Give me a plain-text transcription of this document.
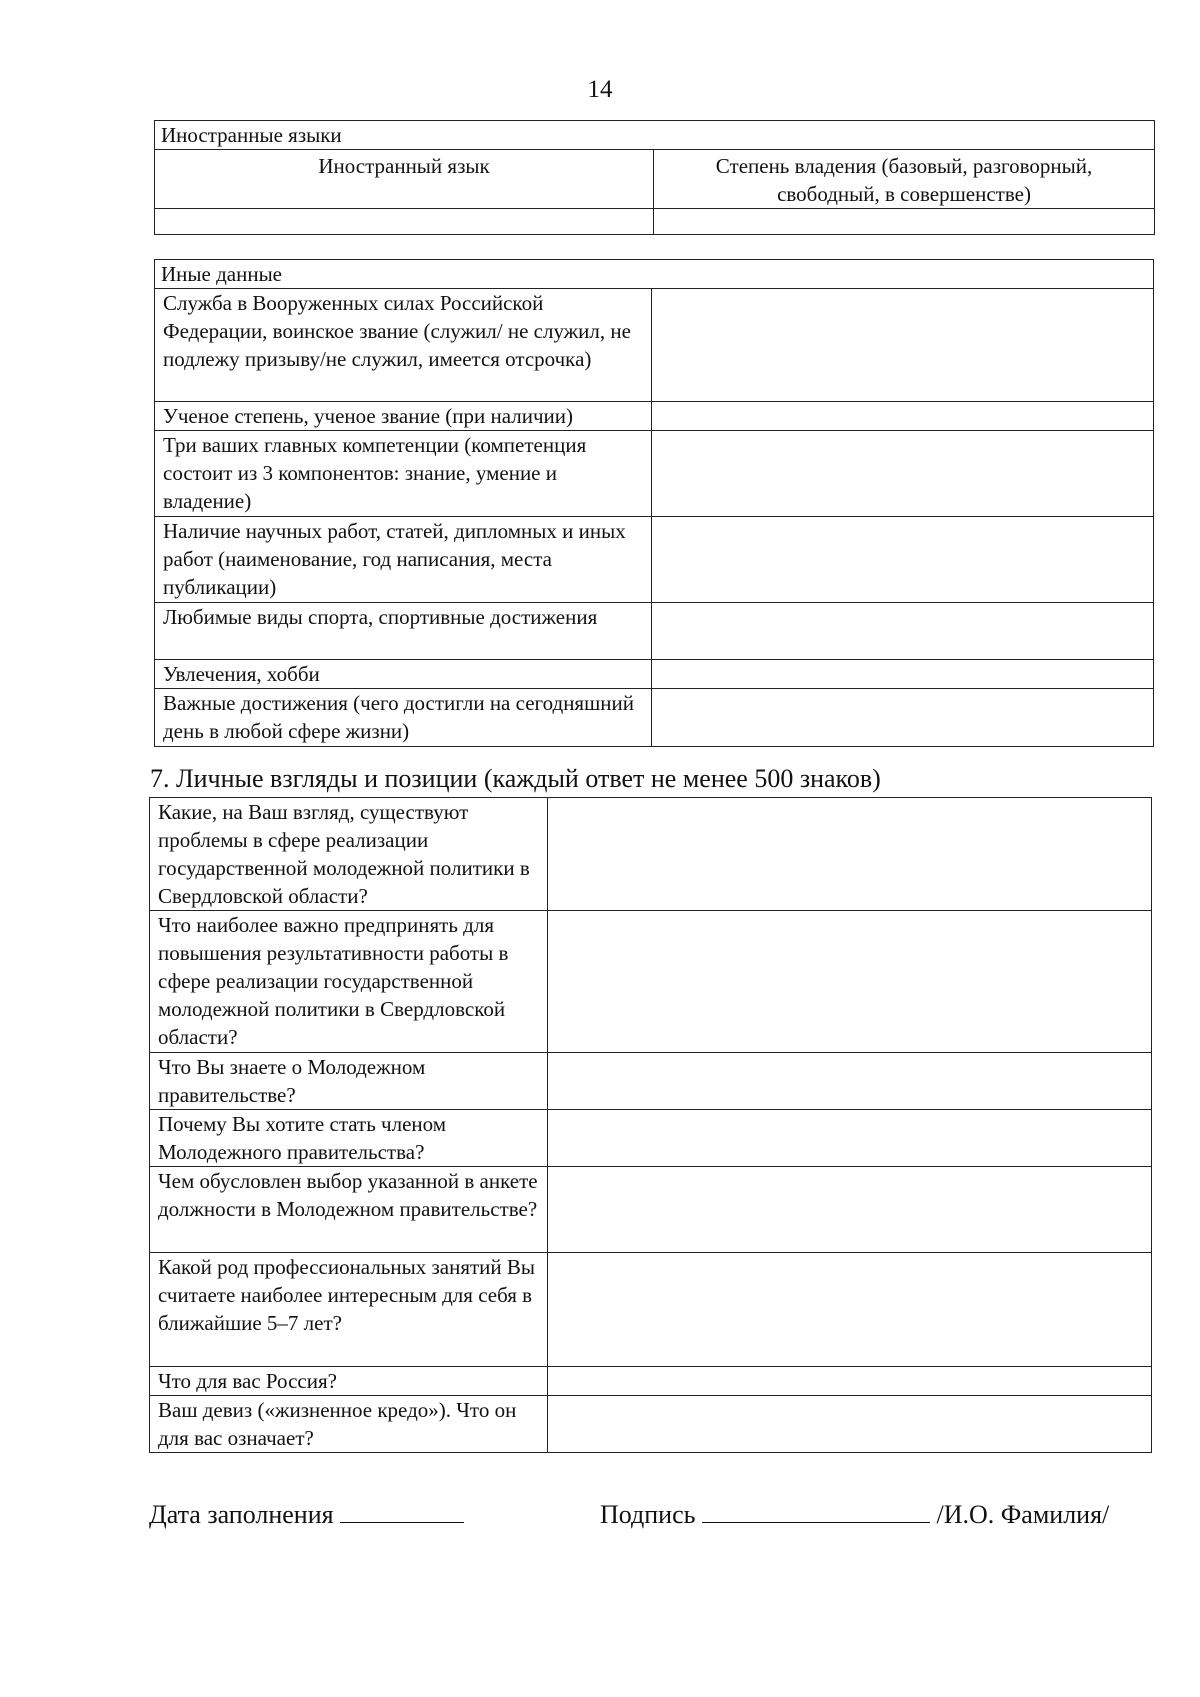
14
Иностранные языки	
Иностранный язык	Степень владения (базовый, разговорный, свободный, в совершенстве)

Иные данные	
Служба в Вооруженных силах Российской Федерации, воинское звание (служил/ не служил, не подлежу призыву/не служил, имеется отсрочка)	
Ученое степень, ученое звание (при наличии)	
Три ваших главных компетенции (компетенция состоит из 3 компонентов: знание, умение и владение)	
Наличие научных работ, статей, дипломных и иных работ (наименование, год написания, места публикации)	
Любимые виды спорта, спортивные достижения	
Увлечения, хобби	
Важные достижения (чего достигли на сегодняшний день в любой сфере жизни)	
7. Личные взгляды и позиции (каждый ответ не менее 500 знаков)
Какие, на Ваш взгляд, существуют проблемы в сфере реализации государственной молодежной политики в Свердловской области?	
Что наиболее важно предпринять для повышения результативности работы в сфере реализации государственной молодежной политики в Свердловской области?	
Что Вы знаете о Молодежном правительстве?	
Почему Вы хотите стать членом Молодежного правительства?	
Чем обусловлен выбор указанной в анкете должности в Молодежном правительстве?	
Какой род профессиональных занятий Вы считаете наиболее интересным для себя в ближайшие 5–7 лет?	
Что для вас Россия?	
Ваш девиз («жизненное кредо»). Что он для вас означает?	
Дата заполнения	Подпись	/И.О. Фамилия/
